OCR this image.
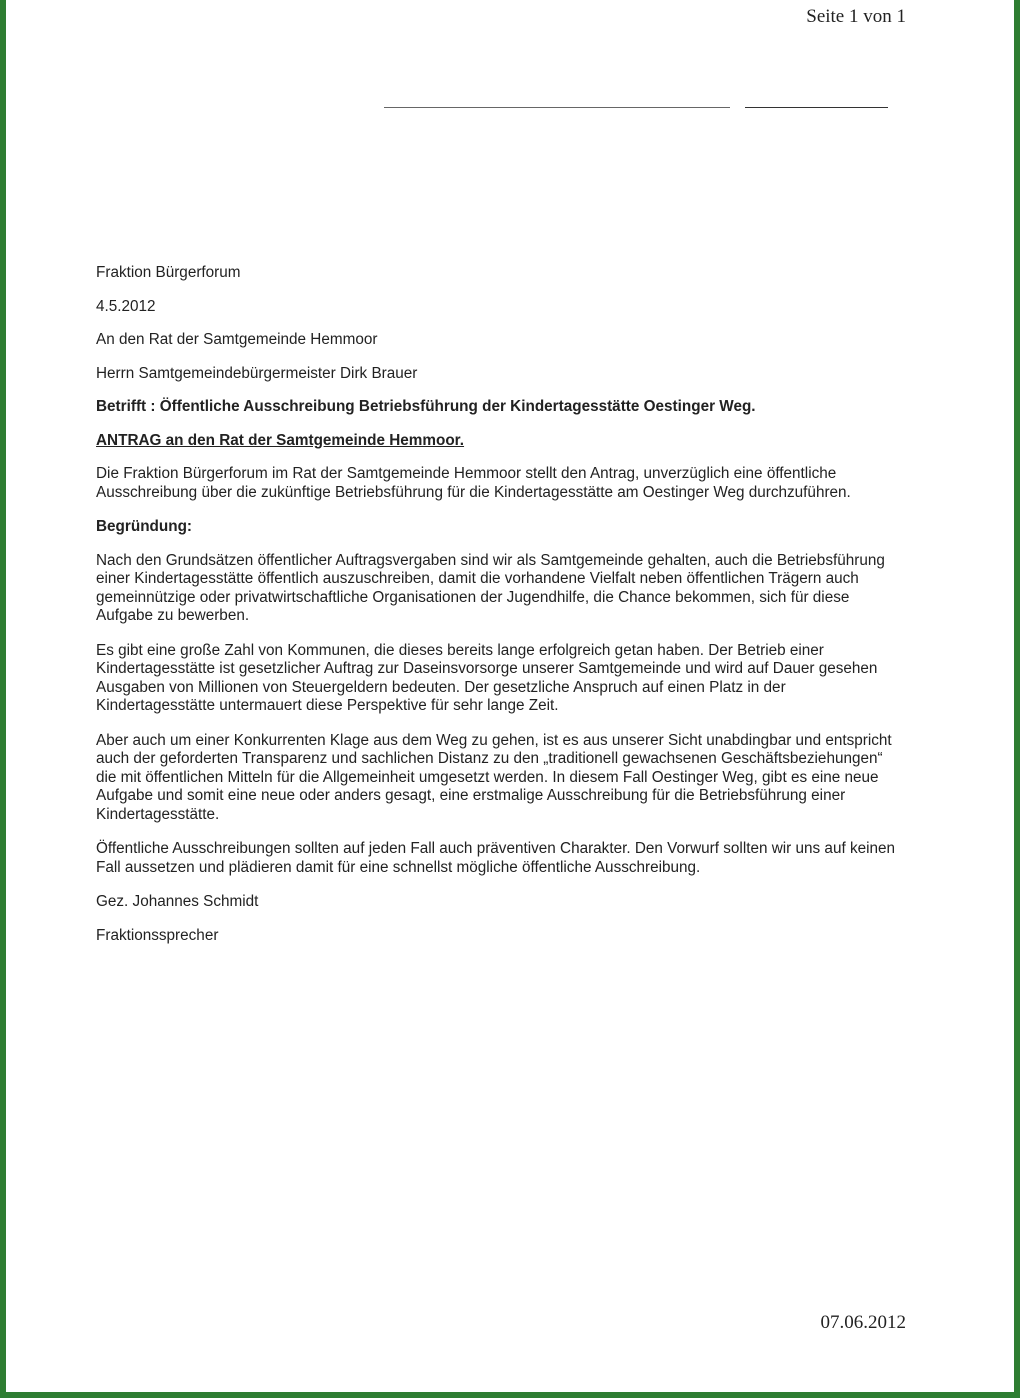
Seite 1 von 1

Fraktion Bürgerforum

4.5.2012

An den Rat der Samtgemeinde Hemmoor

Herrn Samtgemeindebürgermeister Dirk Brauer

Betrifft : Öffentliche Ausschreibung Betriebsführung der Kindertagesstätte Oestinger Weg.

ANTRAG an den Rat der Samtgemeinde Hemmoor.

Die Fraktion Bürgerforum im Rat der Samtgemeinde Hemmoor stellt den Antrag, unverzüglich eine öffentliche Ausschreibung über die zukünftige Betriebsführung für die Kindertagesstätte am Oestinger Weg durchzuführen.

Begründung:

Nach den Grundsätzen öffentlicher Auftragsvergaben sind wir als Samtgemeinde gehalten, auch die Betriebsführung einer Kindertagesstätte öffentlich auszuschreiben, damit die vorhandene Vielfalt neben öffentlichen Trägern auch gemeinnützige oder privatwirtschaftliche Organisationen der Jugendhilfe, die Chance bekommen, sich für diese Aufgabe zu bewerben.

Es gibt eine große Zahl von Kommunen, die dieses bereits lange erfolgreich getan haben. Der Betrieb einer Kindertagesstätte ist gesetzlicher Auftrag zur Daseinsvorsorge unserer Samtgemeinde und wird auf Dauer gesehen Ausgaben von Millionen von Steuergeldern bedeuten. Der gesetzliche Anspruch auf einen Platz in der Kindertagesstätte untermauert diese Perspektive für sehr lange Zeit.

Aber auch um einer Konkurrenten Klage aus dem Weg zu gehen, ist es aus unserer Sicht unabdingbar und entspricht auch der geforderten Transparenz und sachlichen Distanz zu den „traditionell gewachsenen Geschäftsbeziehungen“ die mit öffentlichen Mitteln für die Allgemeinheit umgesetzt werden. In diesem Fall Oestinger Weg, gibt es eine neue Aufgabe und somit eine neue oder anders gesagt, eine erstmalige Ausschreibung für die Betriebsführung einer Kindertagesstätte.

Öffentliche Ausschreibungen sollten auf jeden Fall auch präventiven Charakter. Den Vorwurf sollten wir uns auf keinen Fall aussetzen und plädieren damit für eine schnellst mögliche öffentliche Ausschreibung.

Gez. Johannes Schmidt

Fraktionssprecher

07.06.2012
